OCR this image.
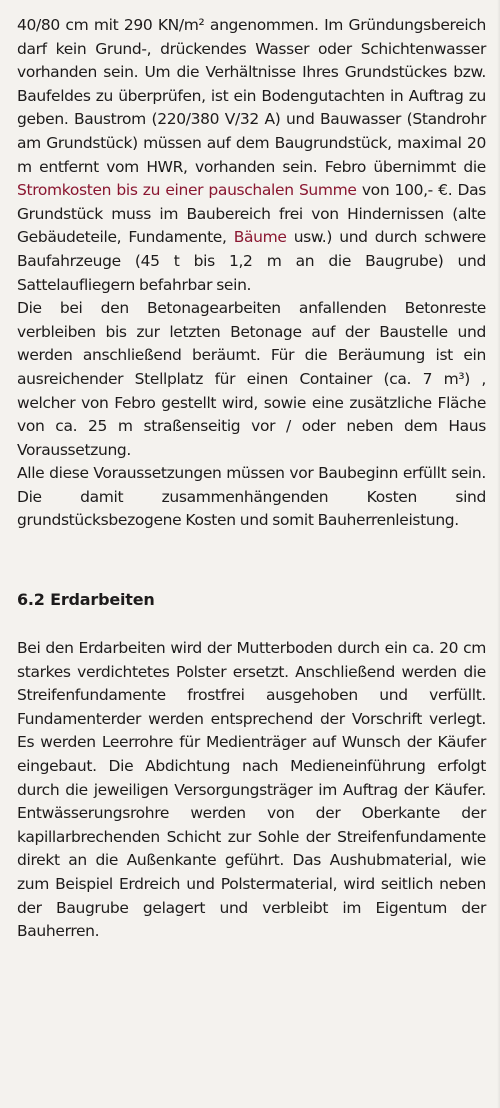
40/80 cm mit 290 KN/m² angenommen. Im Gründungsbereich darf kein Grund-, drückendes Wasser oder Schichtenwasser vorhanden sein. Um die Verhältnisse Ihres Grundstückes bzw. Baufeldes zu überprüfen, ist ein Bodengutachten in Auftrag zu geben. Baustrom (220/380 V/32 A) und Bauwasser (Standrohr am Grundstück) müssen auf dem Baugrundstück, maximal 20 m entfernt vom HWR, vorhanden sein. Febro übernimmt die Stromkosten bis zu einer pauschalen Summe von 100,- €. Das Grundstück muss im Baubereich frei von Hindernissen (alte Gebäudeteile, Fundamente, Bäume usw.) und durch schwere Baufahrzeuge (45 t bis 1,2 m an die Baugrube) und Sattelaufliegern befahrbar sein.

Die bei den Betonagearbeiten anfallenden Betonreste verbleiben bis zur letzten Betonage auf der Baustelle und werden anschließend beräumt. Für die Beräumung ist ein ausreichender Stellplatz für einen Container (ca. 7 m³) , welcher von Febro gestellt wird, sowie eine zusätzliche Fläche von ca. 25 m straßenseitig vor / oder neben dem Haus Voraussetzung.

Alle diese Voraussetzungen müssen vor Baubeginn erfüllt sein. Die damit zusammenhängenden Kosten sind grundstücksbezogene Kosten und somit Bauherrenleistung.

6.2 Erdarbeiten

Bei den Erdarbeiten wird der Mutterboden durch ein ca. 20 cm starkes verdichtetes Polster ersetzt. Anschließend werden die Streifenfundamente frostfrei ausgehoben und verfüllt. Fundamenterder werden entsprechend der Vorschrift verlegt. Es werden Leerrohre für Medienträger auf Wunsch der Käufer eingebaut. Die Abdichtung nach Medieneinführung erfolgt durch die jeweiligen Versorgungsträger im Auftrag der Käufer. Entwässerungsrohre werden von der Oberkante der kapillarbrechenden Schicht zur Sohle der Streifenfundamente direkt an die Außenkante geführt. Das Aushubmaterial, wie zum Beispiel Erdreich und Polstermaterial, wird seitlich neben der Baugrube gelagert und verbleibt im Eigentum der Bauherren.
